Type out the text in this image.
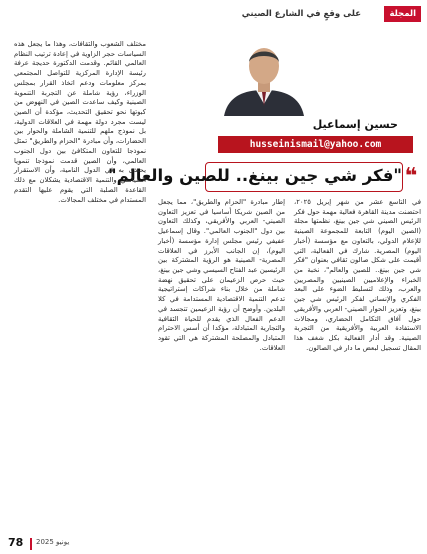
المجلة
على وقعٍ في الشارع الصيني
حسين إسماعيل
husseinismail@yahoo.com
"فكر شي جين بينغ.. للصين والعالم" ❝

في التاسع عشر من شهر إبريل ٢٠٢٥، احتضنت مدينة القاهرة فعالية مهمة حول فكر الرئيس الصيني شي جين بينغ، نظمتها مجلة (الصين اليوم) التابعة للمجموعة الصينية للإعلام الدولي، بالتعاون مع مؤسسة (أخبار اليوم) المصرية. شارك في الفعالية، التي أقيمت على شكل صالون ثقافي بعنوان "فكر شي جين بينغ.. للصين والعالم"، نخبة من الخبراء والإعلاميين الصينيين والمصريين والعرب، وذلك لتسليط الضوء على البعد الفكري والإنساني لفكر الرئيس شي جين بينغ، وتعزيز الحوار الصيني- العربي والأفريقي حول آفاق التكامل الحضاري، ومجالات الاستفادة العربية والأفريقية من التجربة الصينية. وقد أدار الفعالية بكل شغف هذا المقال تسجيل لبعض ما دار في الصالون.

إطار مبادرة "الحزام والطريق"، مما يجعل من الصين شريكا أساسيا في تعزيز التعاون الصيني- العربي والأفريقي، وكذلك التعاون بين دول "الجنوب العالمي". وقال إسماعيل عفيفي رئيس مجلس إدارة مؤسسة (أخبار اليوم)، إن الجانب الأبرز في العلاقات المصرية- الصينية هو الرؤية المشتركة بين الرئيسين عبد الفتاح السيسي وشي جين بينغ، حيث حرص الزعيمان على تحقيق نهضة شاملة من خلال بناء شراكات إستراتيجية تدعم التنمية الاقتصادية المستدامة في كلا البلدين. وأوضح أن رؤية الزعيمين تتجسد في الدعم الفعال الذي يقدم للحياة الثقافية والتجارية المتبادلة، مؤكدا أن أسس الاحترام المتبادل والمصلحة المشتركة هي التي تقود العلاقات.

مختلف الشعوب والثقافات، وهذا ما يجعل هذه السياسات حجر الزاوية في إعادة ترتيب النظام العالمي القائم. وقدمت الدكتورة حديجة عرفة رئيسة الإدارة المركزية للتواصل المجتمعي بمركز معلومات ودعم اتخاذ القرار بمجلس الوزراء، رؤية شاملة عن التجربة التنموية الصينية وكيف ساعدت الصين في النهوض من كبوتها نحو تحقيق التحديث، مؤكدة أن الصين ليست مجرد دولة مهمة في العلاقات الدولية، بل نموذج ملهم للتنمية الشاملة والحوار بين الحضارات، وأن مبادرة "الحزام والطريق" تمثل نموذجا للتعاون المتكافئ بين دول الجنوب العالمي، وأن الصين قدمت نموذجا تنمويا يحتذى به في الدول النامية، وأن الاستقرار السياسي والتنمية الاقتصادية يشكلان مع ذلك القاعدة الصلبة التي يقوم عليها التقدم المستدام في مختلف المجالات.

78 يونيو 2025
